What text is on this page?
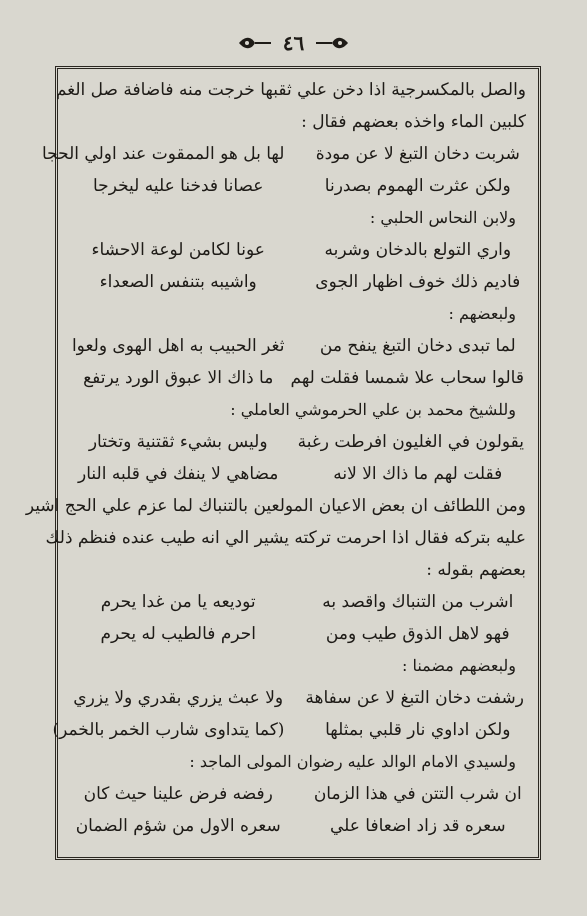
٤٦
والصل بالمكسرجية اذا دخن علي ثقبها خرجت منه فاضافة صل الغم
كلبين الماء واخذه بعضهم فقال :
شربت دخان التبغ لا عن مودة
لها بل هو الممقوت عند اولي الحجا
ولكن عثرت الهموم بصدرنا
عصانا فدخنا عليه ليخرجا
ولابن النحاس الحلبي :
واري التولع بالدخان وشربه
عونا لكامن لوعة الاحشاء
فاديم ذلك خوف اظهار الجوى
واشيبه بتنفس الصعداء
ولبعضهم :
لما تبدى دخان التبغ ينفح من
ثغر الحبيب به اهل الهوى ولعوا
قالوا سحاب علا شمسا فقلت لهم
ما ذاك الا عبوق الورد يرتفع
وللشيخ محمد بن علي الحرموشي العاملي :
يقولون في الغليون افرطت رغبة
وليس بشيء ثقتنية وتختار
فقلت لهم ما ذاك الا لانه
مضاهي لا ينفك في قلبه النار
ومن اللطائف ان بعض الاعيان المولعين بالتنباك لما عزم علي الحج اشير
عليه بتركه فقال اذا احرمت تركته يشير الي انه طيب عنده فنظم ذلك
بعضهم بقوله :
اشرب من التنباك واقصد به
توديعه يا من غدا يحرم
فهو لاهل الذوق طيب ومن
احرم فالطيب له يحرم
ولبعضهم مضمنا :
رشفت دخان التبغ لا عن سفاهة
ولا عبث يزري بقدري ولا يزري
ولكن اداوي نار قلبي بمثلها
(كما يتداوى شارب الخمر بالخمر)
ولسيدي الامام الوالد عليه رضوان المولى الماجد :
ان شرب التتن في هذا الزمان
رفضه فرض علينا حيث كان
سعره قد زاد اضعافا علي
سعره الاول من شؤم الضمان
